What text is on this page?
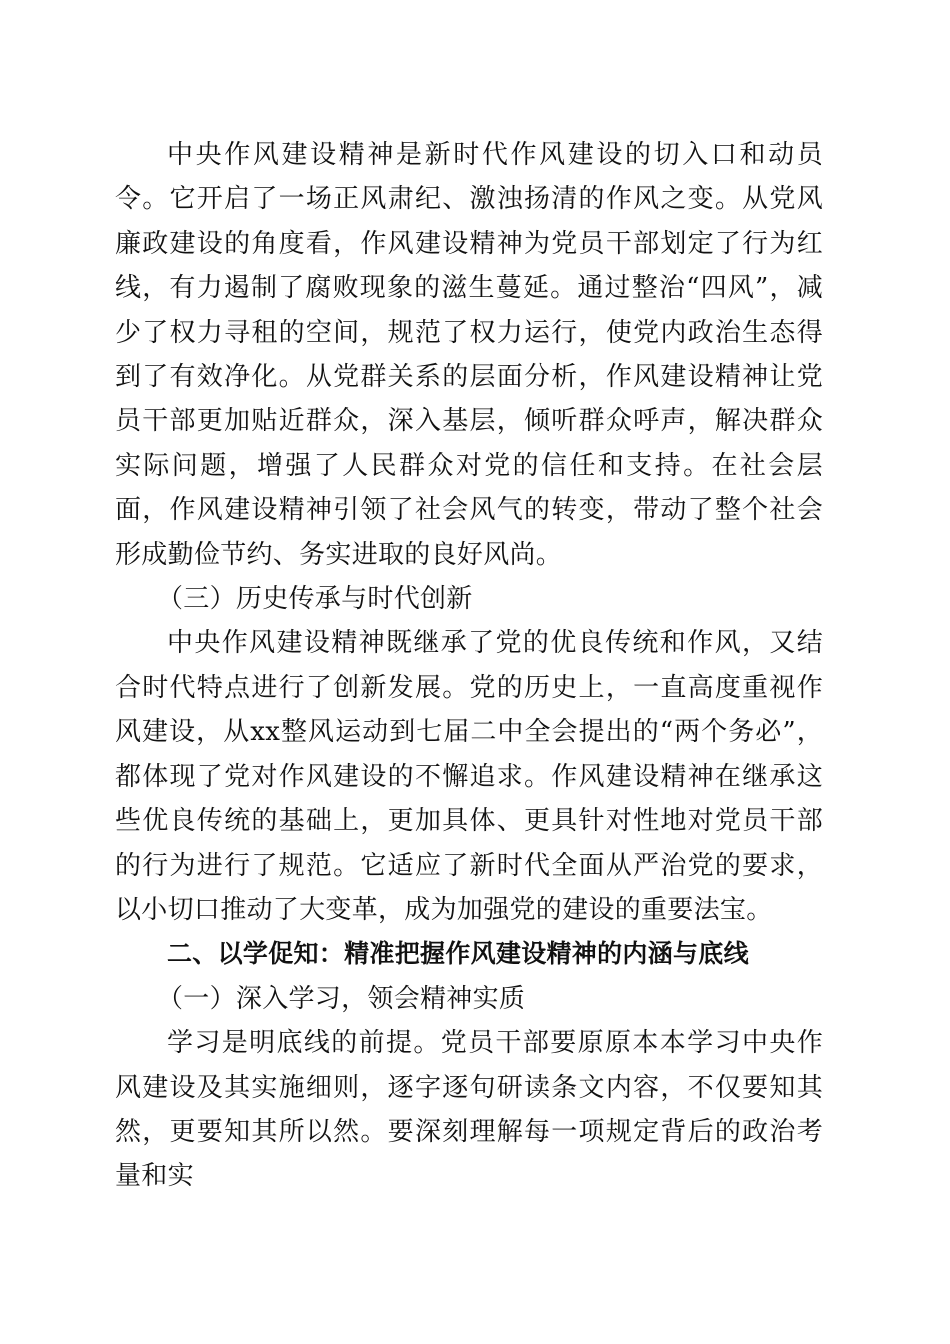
中央作风建设精神是新时代作风建设的切入口和动员令。它开启了一场正风肃纪、激浊扬清的作风之变。从党风廉政建设的角度看，作风建设精神为党员干部划定了行为红线，有力遏制了腐败现象的滋生蔓延。通过整治“四风”，减少了权力寻租的空间，规范了权力运行，使党内政治生态得到了有效净化。从党群关系的层面分析，作风建设精神让党员干部更加贴近群众，深入基层，倾听群众呼声，解决群众实际问题，增强了人民群众对党的信任和支持。在社会层面，作风建设精神引领了社会风气的转变，带动了整个社会形成勤俭节约、务实进取的良好风尚。

（三）历史传承与时代创新

中央作风建设精神既继承了党的优良传统和作风，又结合时代特点进行了创新发展。党的历史上，一直高度重视作风建设，从xx整风运动到七届二中全会提出的“两个务必”，都体现了党对作风建设的不懈追求。作风建设精神在继承这些优良传统的基础上，更加具体、更具针对性地对党员干部的行为进行了规范。它适应了新时代全面从严治党的要求，以小切口推动了大变革，成为加强党的建设的重要法宝。

二、以学促知：精准把握作风建设精神的内涵与底线

（一）深入学习，领会精神实质

学习是明底线的前提。党员干部要原原本本学习中央作风建设及其实施细则，逐字逐句研读条文内容，不仅要知其然，更要知其所以然。要深刻理解每一项规定背后的政治考量和实
